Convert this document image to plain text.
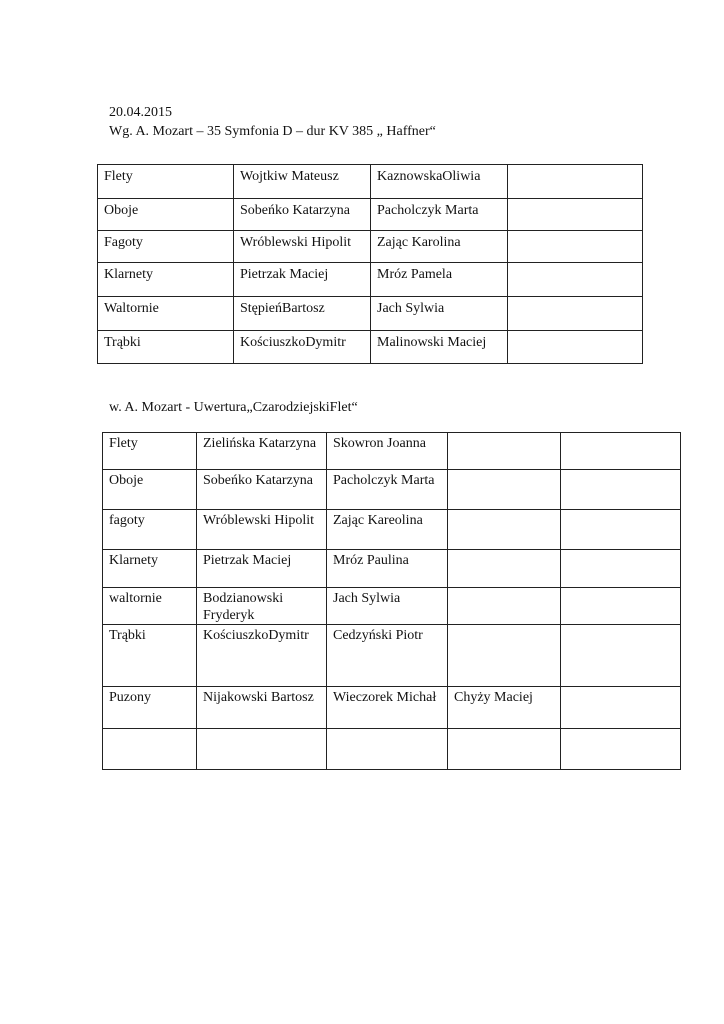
20.04.2015
Wg. A. Mozart – 35 Symfonia D – dur KV 385 „ Haffner“
Flety	Wojtkiw Mateusz	KaznowskaOliwia	
Oboje	Sobeńko Katarzyna	Pacholczyk Marta	
Fagoty	Wróblewski Hipolit	Zając Karolina	
Klarnety	Pietrzak Maciej	Mróz Pamela	
Waltornie	StępieńBartosz	Jach Sylwia	
Trąbki	KościuszkoDymitr	Malinowski Maciej	
w. A. Mozart - Uwertura„CzarodziejskiFlet“
Flety	Zielińska Katarzyna	Skowron Joanna		
Oboje	Sobeńko Katarzyna	Pacholczyk Marta		
fagoty	Wróblewski Hipolit	Zając Kareolina		
Klarnety	Pietrzak Maciej	Mróz Paulina		
waltornie	Bodzianowski Fryderyk	Jach Sylwia		
Trąbki	KościuszkoDymitr	Cedzyński Piotr		
Puzony	Nijakowski Bartosz	Wieczorek Michał	Chyży Maciej	
